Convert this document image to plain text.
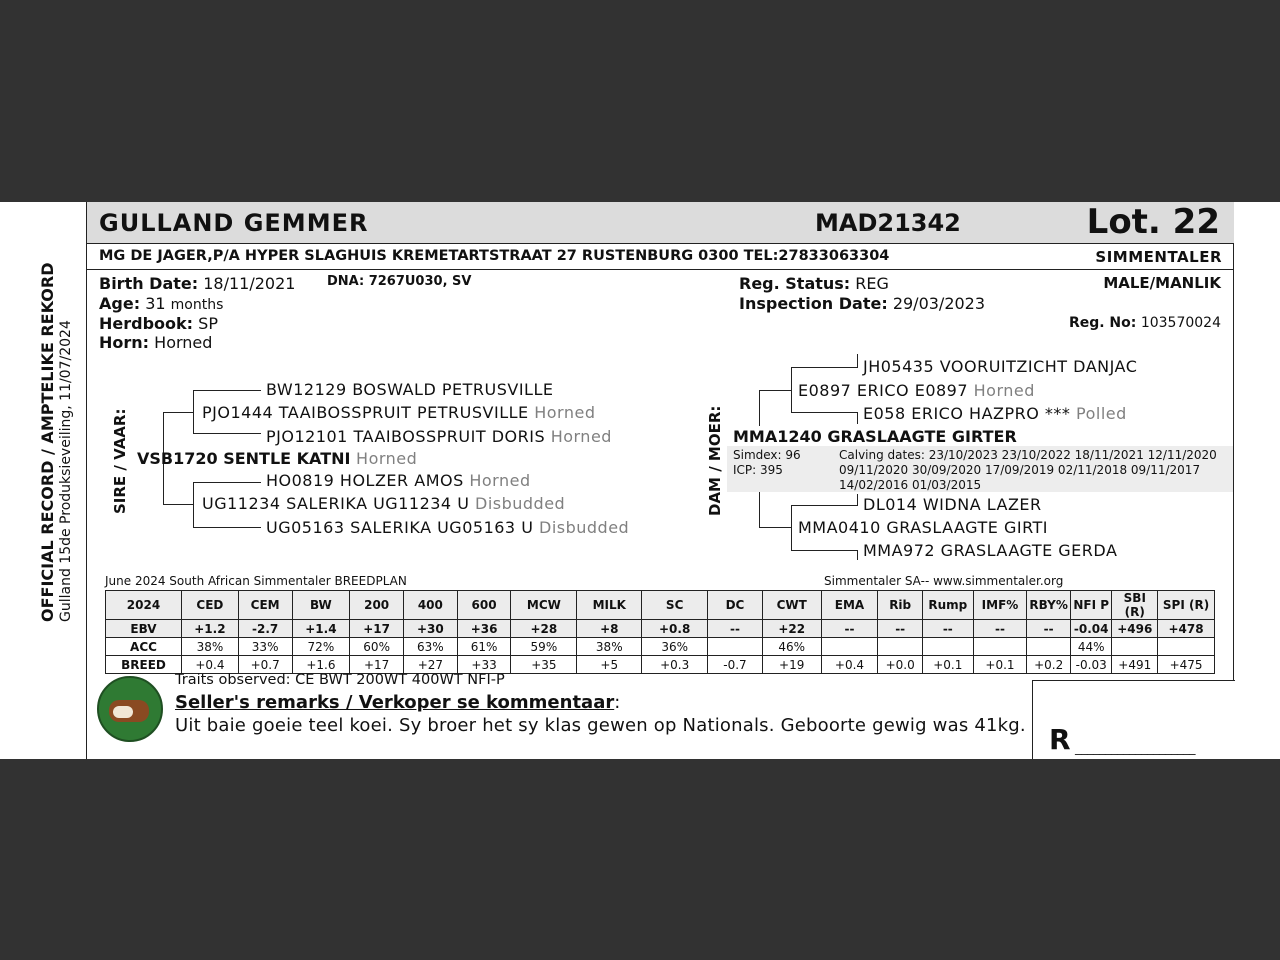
OFFICIAL RECORD / AMPTELIKE REKORD Gulland 15de Produksieveiling, 11/07/2024
GULLAND GEMMER	MAD21342	Lot. 22
MG DE JAGER,P/A HYPER SLAGHUIS KREMETARTSTRAAT 27 RUSTENBURG 0300 TEL:27833063304	SIMMENTALER
Birth Date: 18/11/2021 DNA: 7267U030, SV
Age: 31 months
Herdbook: SP
Horn: Horned
Reg. Status: REG
Inspection Date: 29/03/2023
MALE/MANLIK
Reg. No: 103570024
SIRE / VAAR:
BW12129 BOSWALD PETRUSVILLE
PJO1444 TAAIBOSSPRUIT PETRUSVILLE Horned
PJO12101 TAAIBOSSPRUIT DORIS Horned
VSB1720 SENTLE KATNI Horned
HO0819 HOLZER AMOS Horned
UG11234 SALERIKA UG11234 U Disbudded
UG05163 SALERIKA UG05163 U Disbudded
DAM / MOER:
JH05435 VOORUITZICHT DANJAC
E0897 ERICO E0897 Horned
E058 ERICO HAZPRO *** Polled
MMA1240 GRASLAAGTE GIRTER
Simdex: 96
ICP: 395
Calving dates: 23/10/2023 23/10/2022 18/11/2021 12/11/2020 09/11/2020 30/09/2020 17/09/2019 02/11/2018 09/11/2017 14/02/2016 01/03/2015
DL014 WIDNA LAZER
MMA0410 GRASLAAGTE GIRTI
MMA972 GRASLAAGTE GERDA
June 2024 South African Simmentaler BREEDPLAN	Simmentaler SA-- www.simmentaler.org
2024	CED	CEM	BW	200	400	600	MCW	MILK	SC	DC	CWT	EMA	Rib	Rump	IMF%	RBY%	NFI P	SBI (R)	SPI (R)
EBV	+1.2	-2.7	+1.4	+17	+30	+36	+28	+8	+0.8	--	+22	--	--	--	--	--	-0.04	+496	+478
ACC	38%	33%	72%	60%	63%	61%	59%	38%	36%		46%						44%		
BREED	+0.4	+0.7	+1.6	+17	+27	+33	+35	+5	+0.3	-0.7	+19	+0.4	+0.0	+0.1	+0.1	+0.2	-0.03	+491	+475
Traits observed: CE BWT 200WT 400WT NFI-P
Seller's remarks / Verkoper se kommentaar:
Uit baie goeie teel koei. Sy broer het sy klas gewen op Nationals. Geboorte gewig was 41kg. R ____________________
